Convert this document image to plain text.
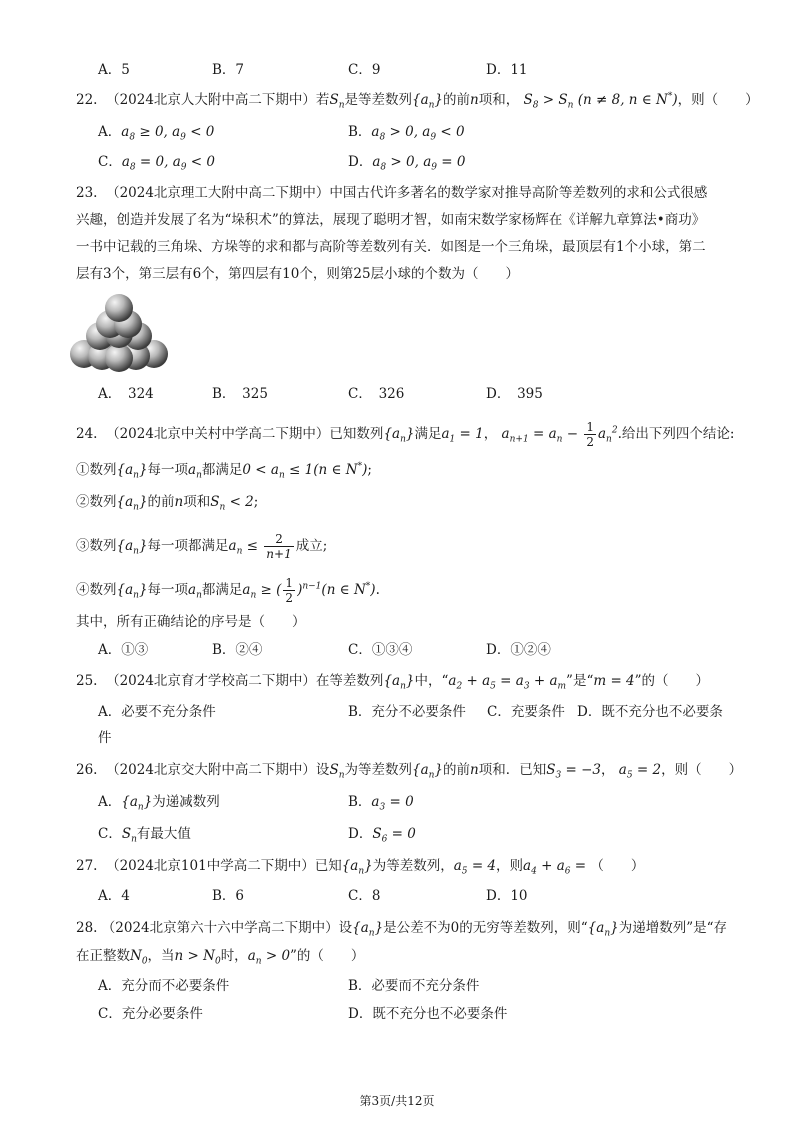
A．5	B．7	C．9	D．11
22. （2024北京人大附中高二下期中）若$S_n$是等差数列$\{a_n\}$的前n项和， $S_8 > S_n$ (n ≠ 8, n ∈ N*)，则（　　）
A．$a_8 \ge 0$, $a_9 < 0$	B．$a_8 > 0$, $a_9 < 0$
C．$a_8 = 0$, $a_9 < 0$	D．$a_8 > 0$, $a_9 = 0$
23. （2024北京理工大附中高二下期中）中国古代许多著名的数学家对推导高阶等差数列的求和公式很感
兴趣，创造并发展了名为“垛积术”的算法，展现了聪明才智，如南宋数学家杨辉在《详解九章算法•商功》
一书中记载的三角垛、方垛等的求和都与高阶等差数列有关．如图是一个三角垛，最顶层有1个小球，第二
层有3个，第三层有6个，第四层有10个，则第25层小球的个数为（　　）
A．　324	B．　325	C．　326	D．　395
24. （2024北京中关村中学高二下期中）已知数列$\{a_n\}$满足$a_1 = 1$， $a_{n+1} = a_n - \frac{1}{2} a_n^2$.给出下列四个结论:
①数列$\{a_n\}$每一项$a_n$都满足$0 < a_n \le 1(n$ ∈ N*);
②数列$\{a_n\}$的前n项和$S_n < 2$;
③数列$\{a_n\}$每一项都满足$a_n \le \frac{2}{n+1}$ 成立;
④数列$\{a_n\}$每一项$a_n$都满足$a_n$ ≥ ( $\frac{1}{2} )^{n-1}(n$ ∈ N*).
其中，所有正确结论的序号是（　　）
A．①③	B．②④	C．①③④	D．①②④
25. （2024北京育才学校高二下期中）在等差数列$\{a_n\}$中，“$a_2 + a_5 = a_3 + a_m$”是“m = 4”的（　　）
A．必要不充分条件	B．充分不必要条件 C．充要条件 D．既不充分也不必要条
件
26. （2024北京交大附中高二下期中）设$S_n$为等差数列$\{a_n\}$的前n项和．已知$S_3 = -3$， $a_5 = 2$，则（　　）
A．$\{a_n\}$为递减数列	B．$a_3 = 0$
C．$S_n$有最大值	D．$S_6 = 0$
27. （2024北京101中学高二下期中）已知$\{a_n\}$为等差数列，$a_5 = 4$，则$a_4 + a_6$ = （　　）
A．4	B．6	C．8	D．10
28. （2024北京第六十六中学高二下期中）设$\{a_n\}$是公差不为0的无穷等差数列，则“$\{a_n\}$为递增数列”是“存
在正整数$N_0$，当$n > N_0$时，$a_n > 0$”的（　　）
A．充分而不必要条件	B．必要而不充分条件
C．充分必要条件	D．既不充分也不必要条件
第3页/共12页
